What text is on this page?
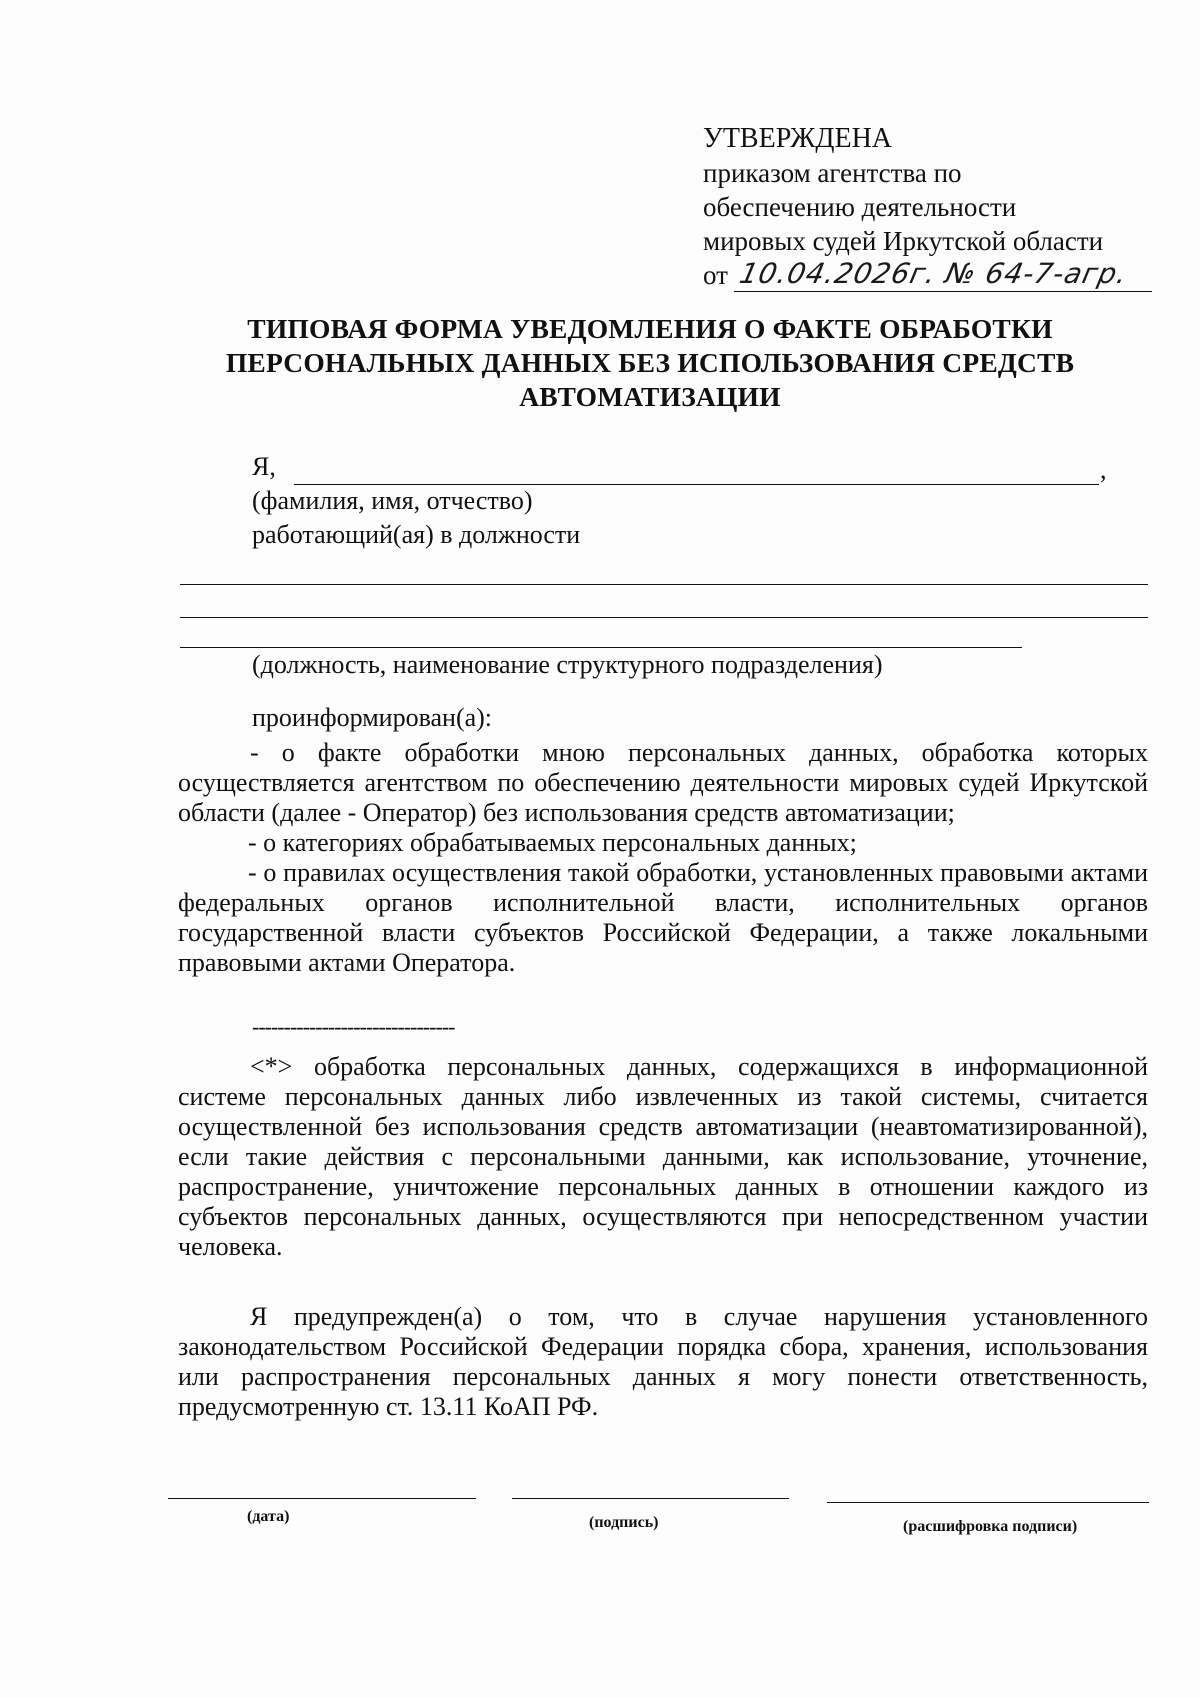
УТВЕРЖДЕНА
приказом агентства по
обеспечению деятельности
мировых судей Иркутской области
от 10.04.2026г. № 64-7-агр.
ТИПОВАЯ ФОРМА УВЕДОМЛЕНИЯ О ФАКТЕ ОБРАБОТКИ
ПЕРСОНАЛЬНЫХ ДАННЫХ БЕЗ ИСПОЛЬЗОВАНИЯ СРЕДСТВ
АВТОМАТИЗАЦИИ
Я,	,
(фамилия, имя, отчество)
работающий(ая) в должности
(должность, наименование структурного подразделения)
проинформирован(а):

- о факте обработки мною персональных данных, обработка которых осуществляется агентством по обеспечению деятельности мировых судей Иркутской области (далее - Оператор) без использования средств автоматизации;

- о категориях обрабатываемых персональных данных;

- о правилах осуществления такой обработки, установленных правовыми актами федеральных органов исполнительной власти, исполнительных органов государственной власти субъектов Российской Федерации, а также локальными правовыми актами Оператора.

--------------------------------

<*> обработка персональных данных, содержащихся в информационной системе персональных данных либо извлеченных из такой системы, считается осуществленной без использования средств автоматизации (неавтоматизированной), если такие действия с персональными данными, как использование, уточнение, распространение, уничтожение персональных данных в отношении каждого из субъектов персональных данных, осуществляются при непосредственном участии человека.

Я предупрежден(а) о том, что в случае нарушения установленного законодательством Российской Федерации порядка сбора, хранения, использования или распространения персональных данных я могу понести ответственность, предусмотренную ст. 13.11 КоАП РФ.

(дата)	(подпись)	(расшифровка подписи)
